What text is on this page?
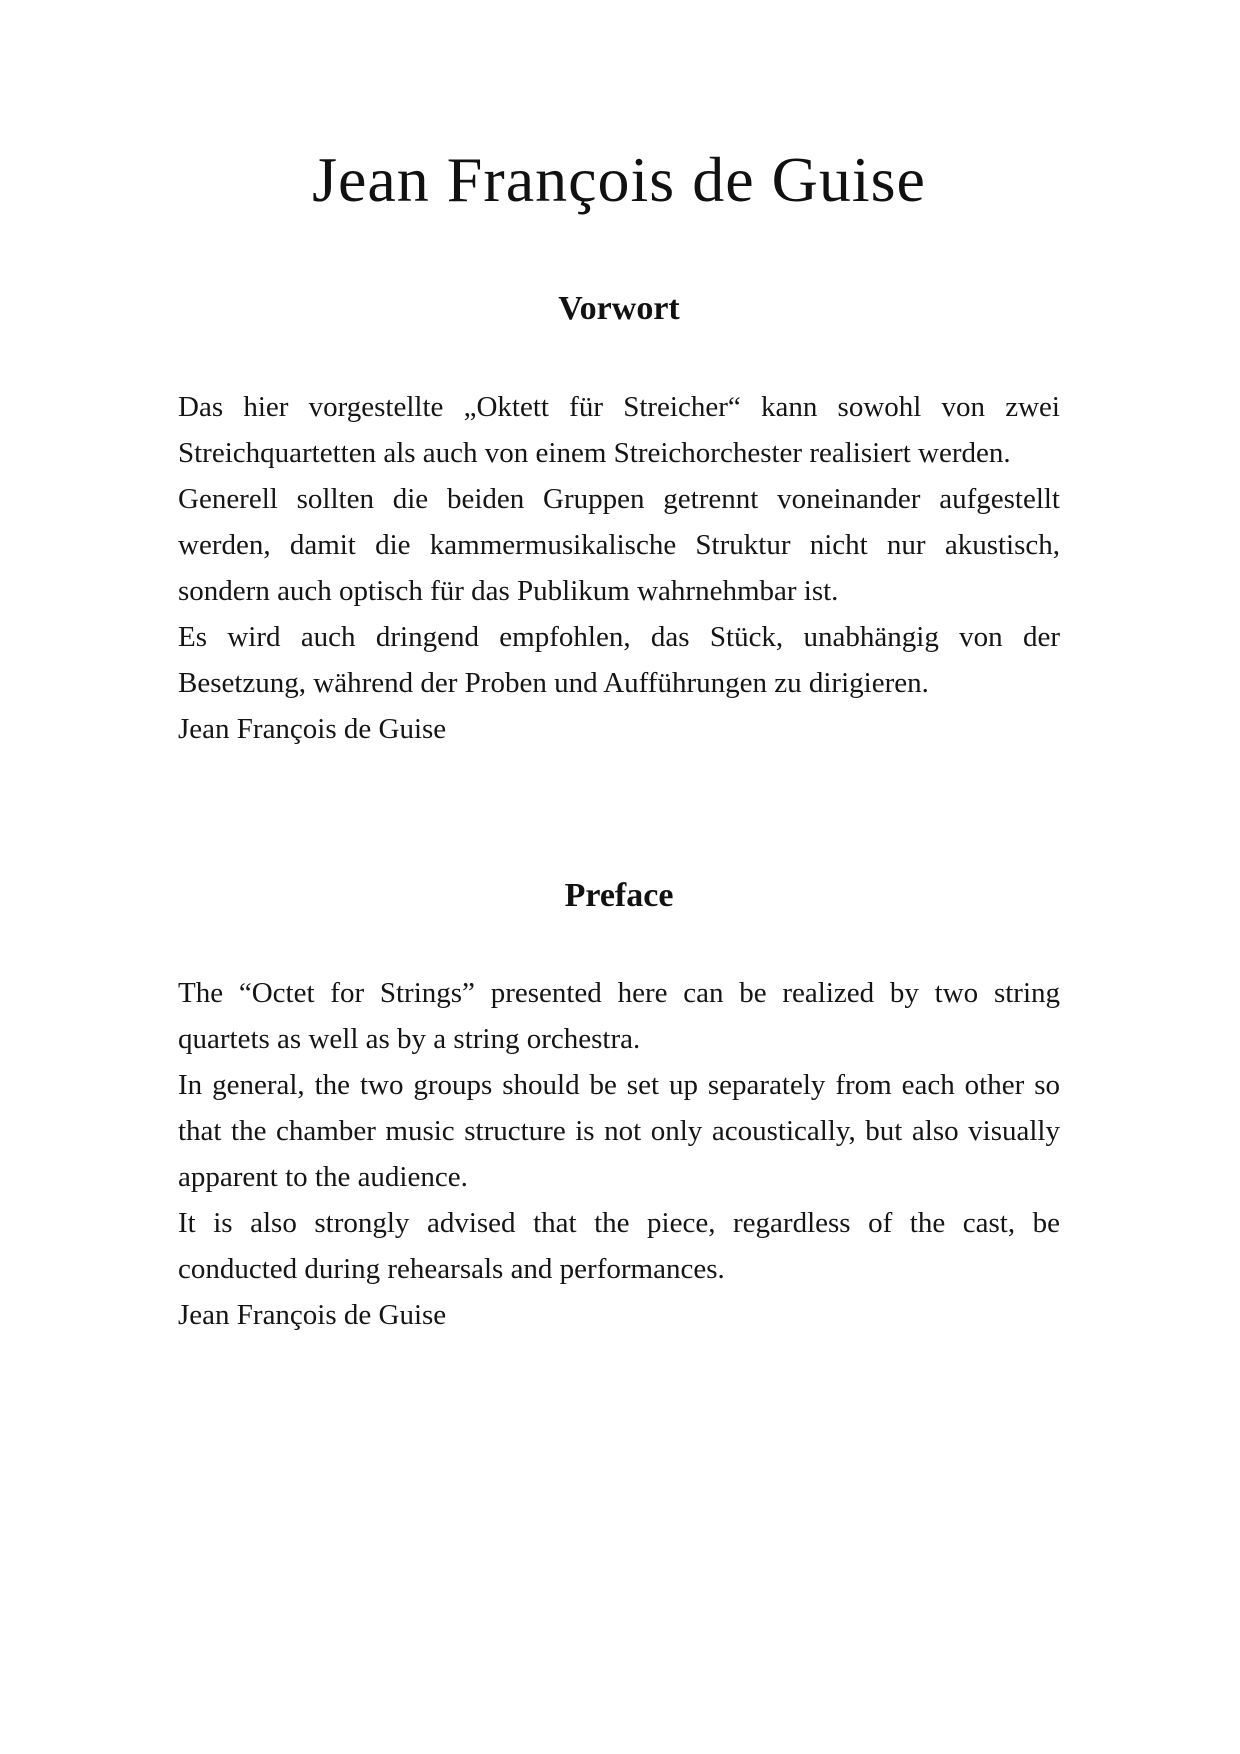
Jean François de Guise
Vorwort

Das hier vorgestellte „Oktett für Streicher“ kann sowohl von zwei Streichquartetten als auch von einem Streichorchester realisiert werden.

Generell sollten die beiden Gruppen getrennt voneinander aufgestellt werden, damit die kammermusikalische Struktur nicht nur akustisch, sondern auch optisch für das Publikum wahrnehmbar ist.

Es wird auch dringend empfohlen, das Stück, unabhängig von der Besetzung, während der Proben und Aufführungen zu dirigieren.

Jean François de Guise

Preface

The “Octet for Strings” presented here can be realized by two string quartets as well as by a string orchestra.

In general, the two groups should be set up separately from each other so that the chamber music structure is not only acoustically, but also visually apparent to the audience.

It is also strongly advised that the piece, regardless of the cast, be conducted during rehearsals and performances.

Jean François de Guise
